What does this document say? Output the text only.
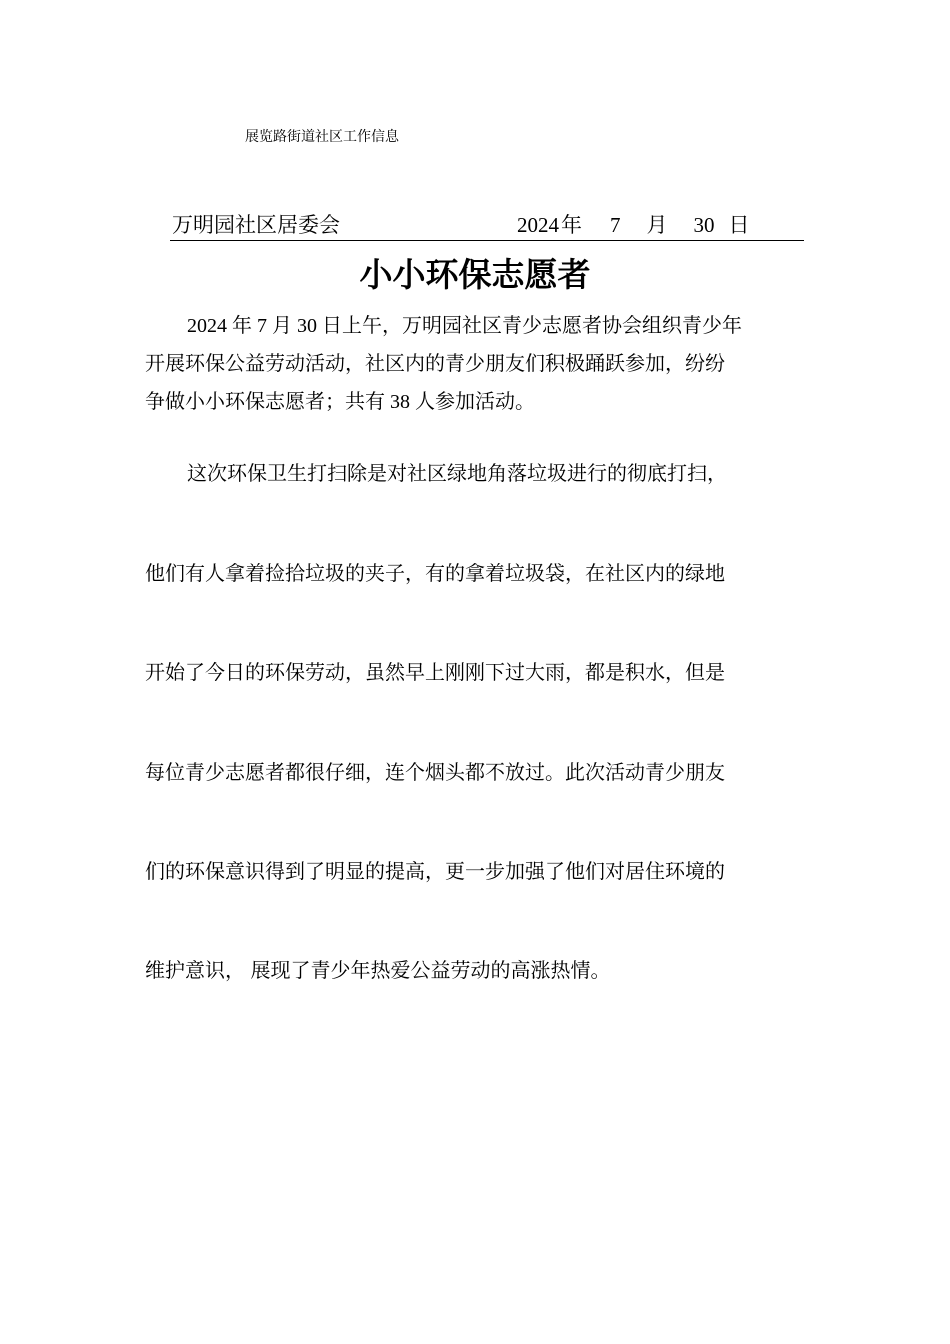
展览路街道社区工作信息
万明园社区居委会	2024年 7 月 30 日
小小环保志愿者
2024 年 7 月 30 日上午，万明园社区青少志愿者协会组织青少年
开展环保公益劳动活动，社区内的青少朋友们积极踊跃参加，纷纷
争做小小环保志愿者；共有 38 人参加活动。
这次环保卫生打扫除是对社区绿地角落垃圾进行的彻底打扫，
他们有人拿着捡拾垃圾的夹子，有的拿着垃圾袋，在社区内的绿地
开始了今日的环保劳动，虽然早上刚刚下过大雨，都是积水，但是
每位青少志愿者都很仔细，连个烟头都不放过。此次活动青少朋友
们的环保意识得到了明显的提高，更一步加强了他们对居住环境的
维护意识， 展现了青少年热爱公益劳动的高涨热情。
